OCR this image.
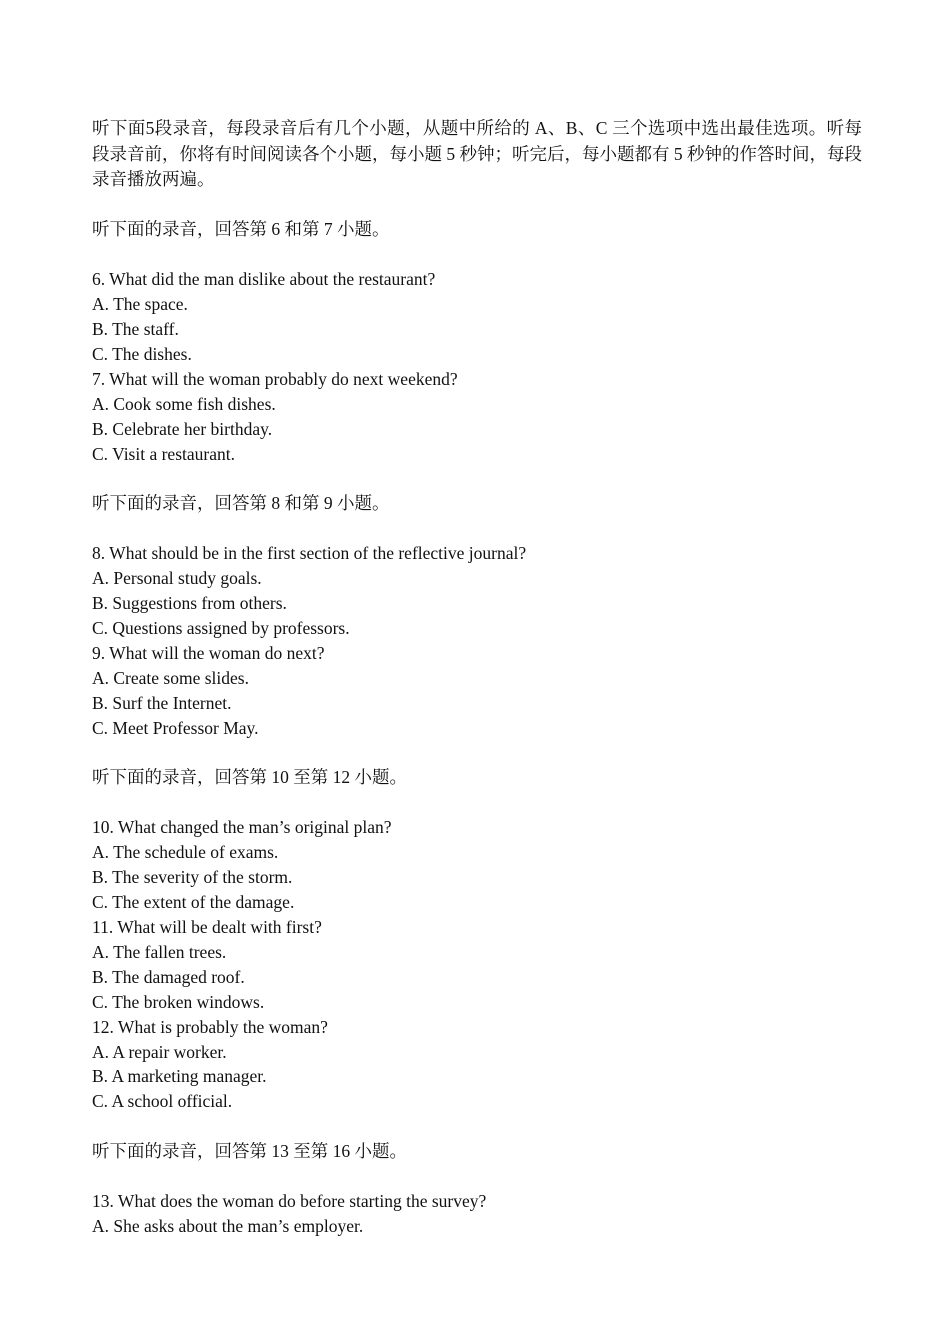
听下面5段录音，每段录音后有几个小题，从题中所给的 A、B、C 三个选项中选出最佳选项。听每段录音前，你将有时间阅读各个小题，每小题 5 秒钟；听完后，每小题都有 5 秒钟的作答时间，每段录音播放两遍。

听下面的录音，回答第 6 和第 7 小题。

6. What did the man dislike about the restaurant?

A. The space.

B. The staff.

C. The dishes.

7. What will the woman probably do next weekend?

A. Cook some fish dishes.

B. Celebrate her birthday.

C. Visit a restaurant.

听下面的录音，回答第 8 和第 9 小题。

8. What should be in the first section of the reflective journal?

A. Personal study goals.

B. Suggestions from others.

C. Questions assigned by professors.

9. What will the woman do next?

A. Create some slides.

B. Surf the Internet.

C. Meet Professor May.

听下面的录音，回答第 10 至第 12 小题。

10. What changed the man’s original plan?

A. The schedule of exams.

B. The severity of the storm.

C. The extent of the damage.

11. What will be dealt with first?

A. The fallen trees.

B. The damaged roof.

C. The broken windows.

12. What is probably the woman?

A. A repair worker.

B. A marketing manager.

C. A school official.

听下面的录音，回答第 13 至第 16 小题。

13. What does the woman do before starting the survey?

A. She asks about the man’s employer.
